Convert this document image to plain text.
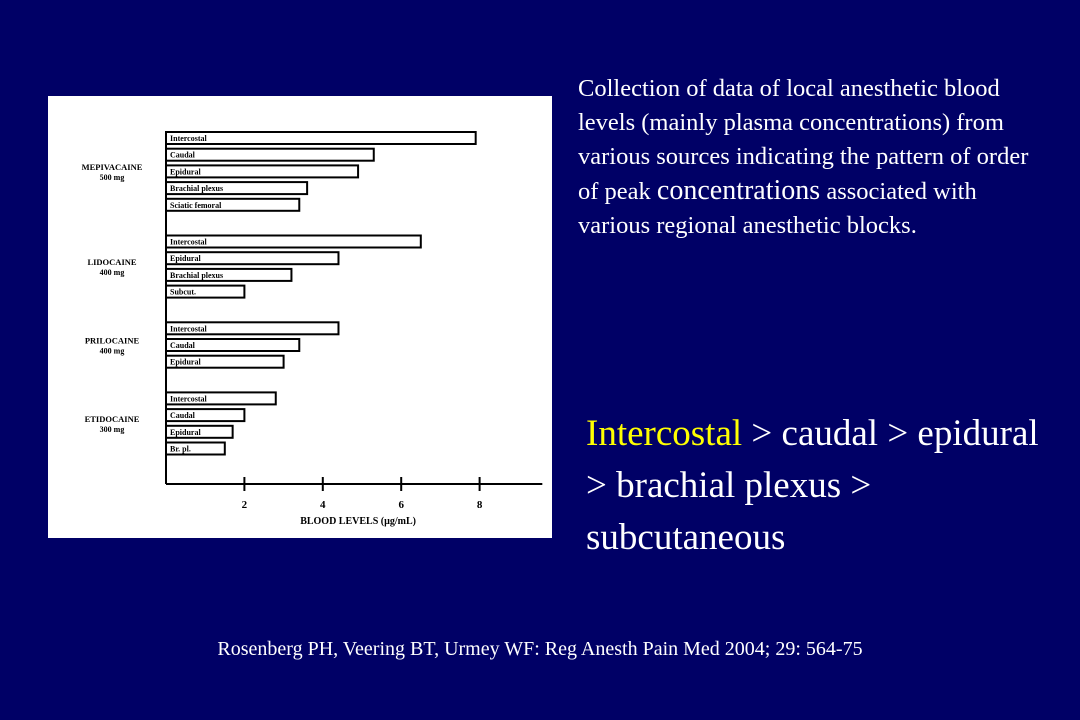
2	4	6	8
BLOOD LEVELS (µg/mL)
Intercostal
Caudal
Epidural
Brachial plexus
Sciatic femoral
MEPIVACAINE
500 mg
Intercostal
Epidural
Brachial plexus
Subcut.
LIDOCAINE
400 mg
Intercostal
Caudal
Epidural
PRILOCAINE
400 mg
Intercostal
Caudal
Epidural
Br. pl.
ETIDOCAINE
300 mg

Collection of data of local anesthetic blood levels (mainly plasma concentrations) from various sources indicating the pattern of order of peak concentrations associated with various regional anesthetic blocks.

Intercostal > caudal > epidural > brachial plexus > subcutaneous

Rosenberg PH, Veering BT, Urmey WF: Reg Anesth Pain Med 2004; 29: 564-75
